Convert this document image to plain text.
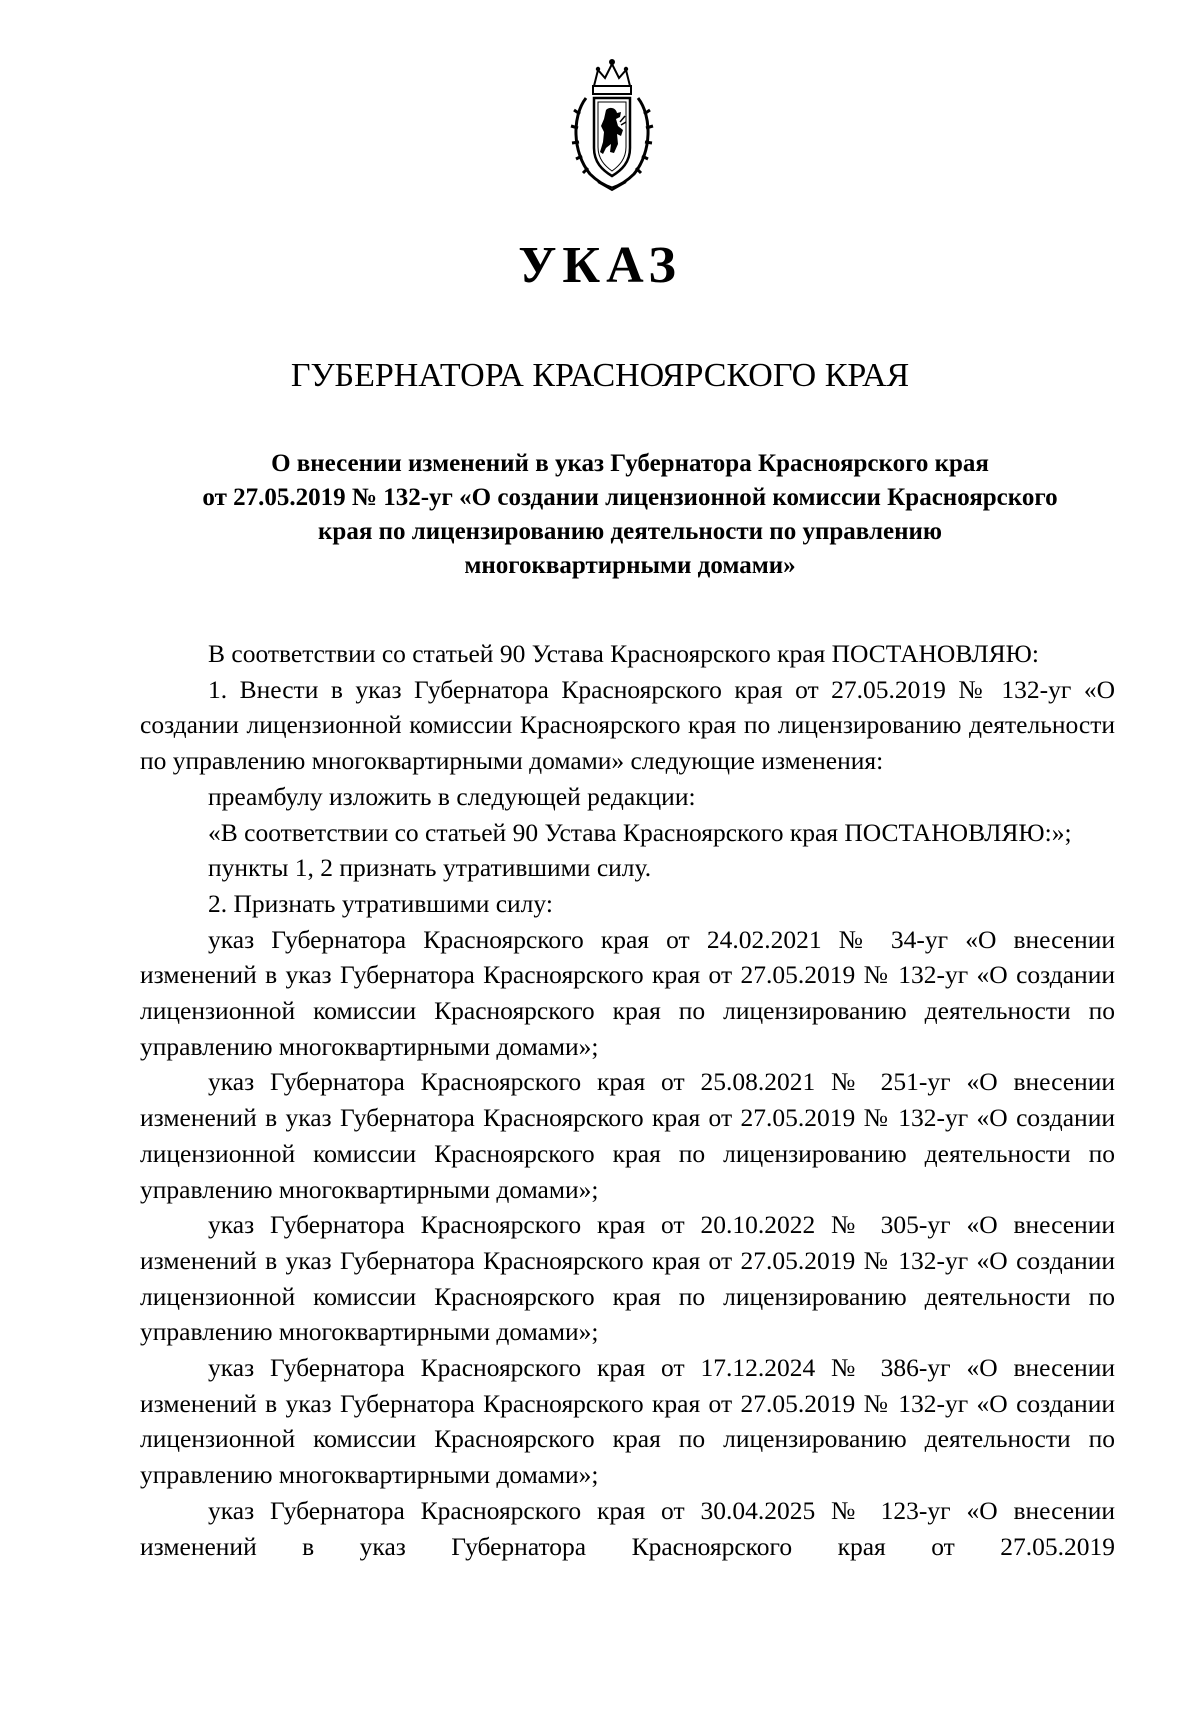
УКАЗ
ГУБЕРНАТОРА КРАСНОЯРСКОГО КРАЯ
О внесении изменений в указ Губернатора Красноярского края
от 27.05.2019 № 132-уг «О создании лицензионной комиссии Красноярского
края по лицензированию деятельности по управлению
многоквартирными домами»

В соответствии со статьей 90 Устава Красноярского края ПОСТАНОВЛЯЮ:

1. Внести в указ Губернатора Красноярского края от 27.05.2019 № 132-уг «О создании лицензионной комиссии Красноярского края по лицензированию деятельности по управлению многоквартирными домами» следующие изменения:

преамбулу изложить в следующей редакции:

«В соответствии со статьей 90 Устава Красноярского края ПОСТАНОВЛЯЮ:»;

пункты 1, 2 признать утратившими силу.

2. Признать утратившими силу:

указ Губернатора Красноярского края от 24.02.2021 № 34-уг «О внесении изменений в указ Губернатора Красноярского края от 27.05.2019 № 132-уг «О создании лицензионной комиссии Красноярского края по лицензированию деятельности по управлению многоквартирными домами»;

указ Губернатора Красноярского края от 25.08.2021 № 251-уг «О внесении изменений в указ Губернатора Красноярского края от 27.05.2019 № 132-уг «О создании лицензионной комиссии Красноярского края по лицензированию деятельности по управлению многоквартирными домами»;

указ Губернатора Красноярского края от 20.10.2022 № 305-уг «О внесении изменений в указ Губернатора Красноярского края от 27.05.2019 № 132-уг «О создании лицензионной комиссии Красноярского края по лицензированию деятельности по управлению многоквартирными домами»;

указ Губернатора Красноярского края от 17.12.2024 № 386-уг «О внесении изменений в указ Губернатора Красноярского края от 27.05.2019 № 132-уг «О создании лицензионной комиссии Красноярского края по лицензированию деятельности по управлению многоквартирными домами»;

указ Губернатора Красноярского края от 30.04.2025 № 123-уг «О внесении изменений в указ Губернатора Красноярского края от 27.05.2019
